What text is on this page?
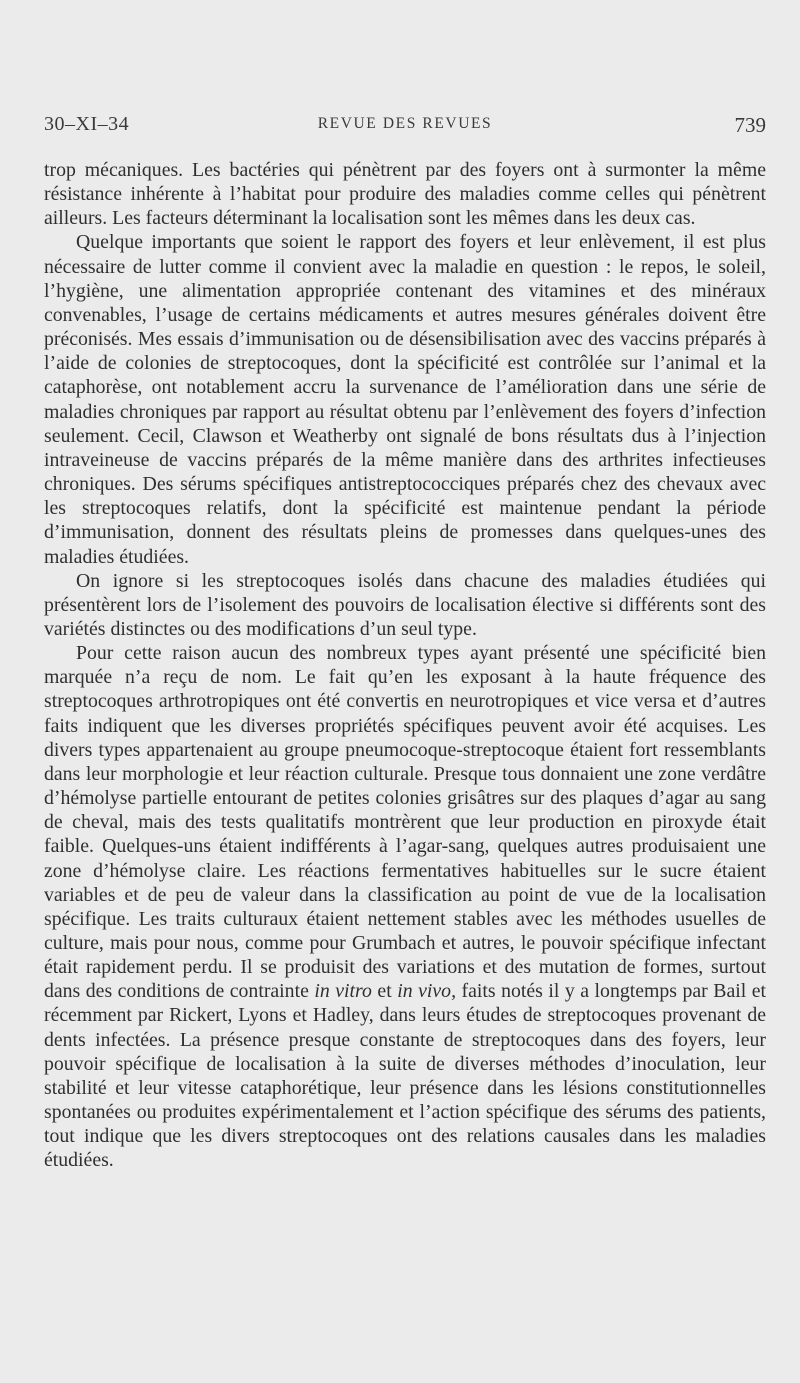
30–XI–34	REVUE DES REVUES	739

trop mécaniques. Les bactéries qui pénètrent par des foyers ont à surmonter la même résistance inhérente à l’habitat pour produire des maladies comme celles qui pénètrent ailleurs. Les facteurs déterminant la localisation sont les mêmes dans les deux cas.

Quelque importants que soient le rapport des foyers et leur enlèvement, il est plus nécessaire de lutter comme il convient avec la maladie en question : le repos, le soleil, l’hygiène, une alimentation appropriée contenant des vitamines et des minéraux convenables, l’usage de certains médicaments et autres mesures générales doivent être préconisés. Mes essais d’immunisation ou de désensibilisation avec des vaccins préparés à l’aide de colonies de streptocoques, dont la spécificité est contrôlée sur l’animal et la cataphorèse, ont notablement accru la survenance de l’amélioration dans une série de maladies chroniques par rapport au résultat obtenu par l’enlèvement des foyers d’infection seulement. Cecil, Clawson et Weatherby ont signalé de bons résultats dus à l’injection intraveineuse de vaccins préparés de la même manière dans des arthrites infectieuses chroniques. Des sérums spécifiques antistreptococciques préparés chez des chevaux avec les streptocoques relatifs, dont la spécificité est maintenue pendant la période d’immunisation, donnent des résultats pleins de promesses dans quelques-unes des maladies étudiées.

On ignore si les streptocoques isolés dans chacune des maladies étudiées qui présentèrent lors de l’isolement des pouvoirs de localisation élective si différents sont des variétés distinctes ou des modifications d’un seul type.

Pour cette raison aucun des nombreux types ayant présenté une spécificité bien marquée n’a reçu de nom. Le fait qu’en les exposant à la haute fréquence des streptocoques arthrotropiques ont été convertis en neurotropiques et vice versa et d’autres faits indiquent que les diverses propriétés spécifiques peuvent avoir été acquises. Les divers types appartenaient au groupe pneumocoque-streptocoque étaient fort ressemblants dans leur morphologie et leur réaction culturale. Presque tous donnaient une zone verdâtre d’hémolyse partielle entourant de petites colonies grisâtres sur des plaques d’agar au sang de cheval, mais des tests qualitatifs montrèrent que leur production en piroxyde était faible. Quelques-uns étaient indifférents à l’agar-sang, quelques autres produisaient une zone d’hémolyse claire. Les réactions fermentatives habituelles sur le sucre étaient variables et de peu de valeur dans la classification au point de vue de la localisation spécifique. Les traits culturaux étaient nettement stables avec les méthodes usuelles de culture, mais pour nous, comme pour Grumbach et autres, le pouvoir spécifique infectant était rapidement perdu. Il se produisit des variations et des mutation de formes, surtout dans des conditions de contrainte in vitro et in vivo, faits notés il y a longtemps par Bail et récemment par Rickert, Lyons et Hadley, dans leurs études de streptocoques provenant de dents infectées. La présence presque constante de streptocoques dans des foyers, leur pouvoir spécifique de localisation à la suite de diverses méthodes d’inoculation, leur stabilité et leur vitesse cataphorétique, leur présence dans les lésions constitutionnelles spontanées ou produites expérimentalement et l’action spécifique des sérums des patients, tout indique que les divers streptocoques ont des relations causales dans les maladies étudiées.
